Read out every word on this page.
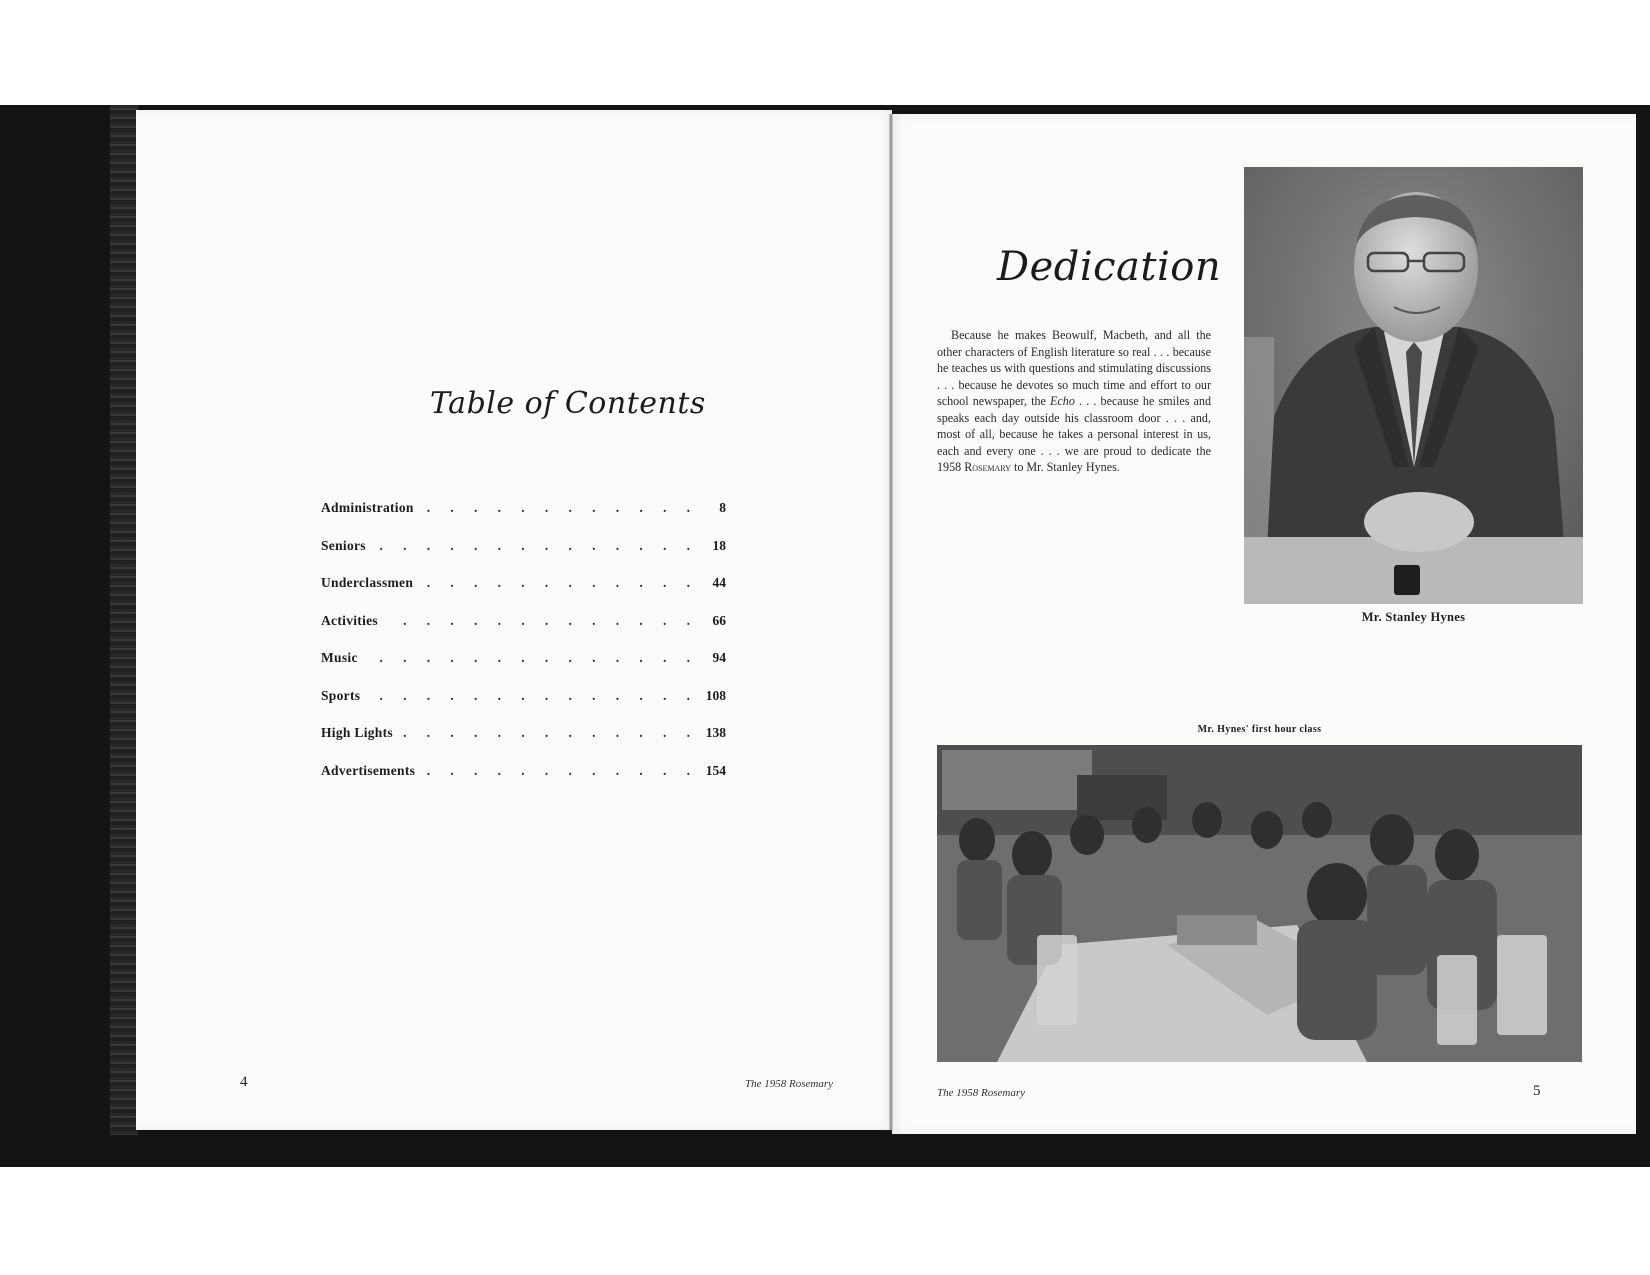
Table of Contents
Administration .	8
Seniors .	18
Underclassmen .	44
Activities .	66
Music .	94
Sports .	108
High Lights .	138
Advertisements .	154
4	The 1958 Rosemary
Dedication

Because he makes Beowulf, Macbeth, and all the other characters of English literature so real . . . because he teaches us with questions and stimulating discussions . . . because he devotes so much time and effort to our school newspaper, the Echo . . . because he smiles and speaks each day outside his classroom door . . . and, most of all, because he takes a personal interest in us, each and every one . . . we are proud to dedicate the 1958 Rosemary to Mr. Stanley Hynes.

Mr. Stanley Hynes
Mr. Hynes' first hour class
The 1958 Rosemary	5
